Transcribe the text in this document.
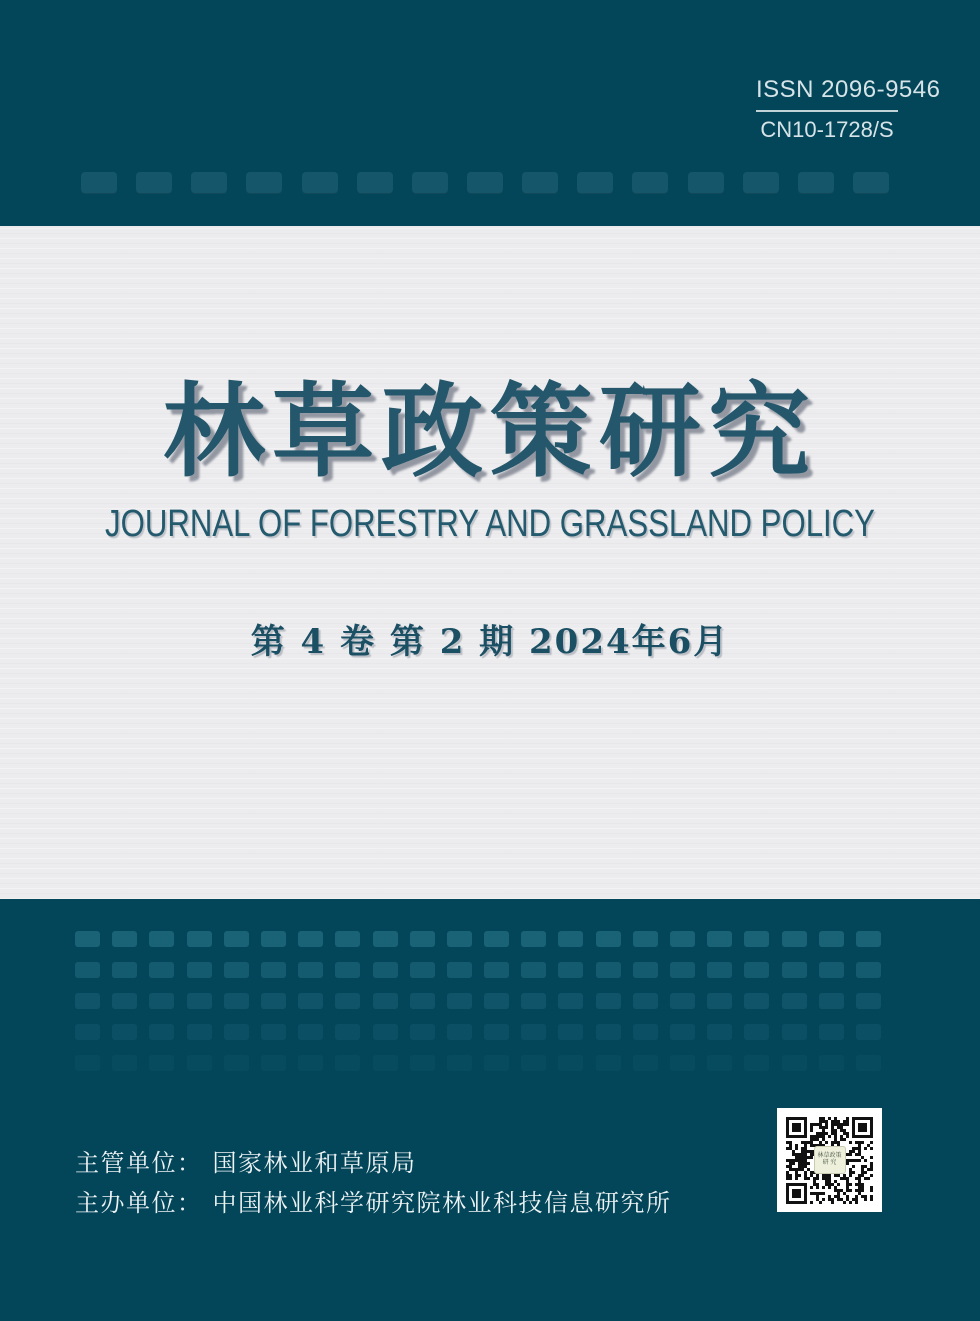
ISSN 2096-9546
CN10-1728/S
林草政策研究
JOURNAL OF FORESTRY AND GRASSLAND POLICY
第 4 卷 第 2 期 2024年6月
主管单位： 国家林业和草原局
主办单位： 中国林业科学研究院林业科技信息研究所
林草政策
研 究
